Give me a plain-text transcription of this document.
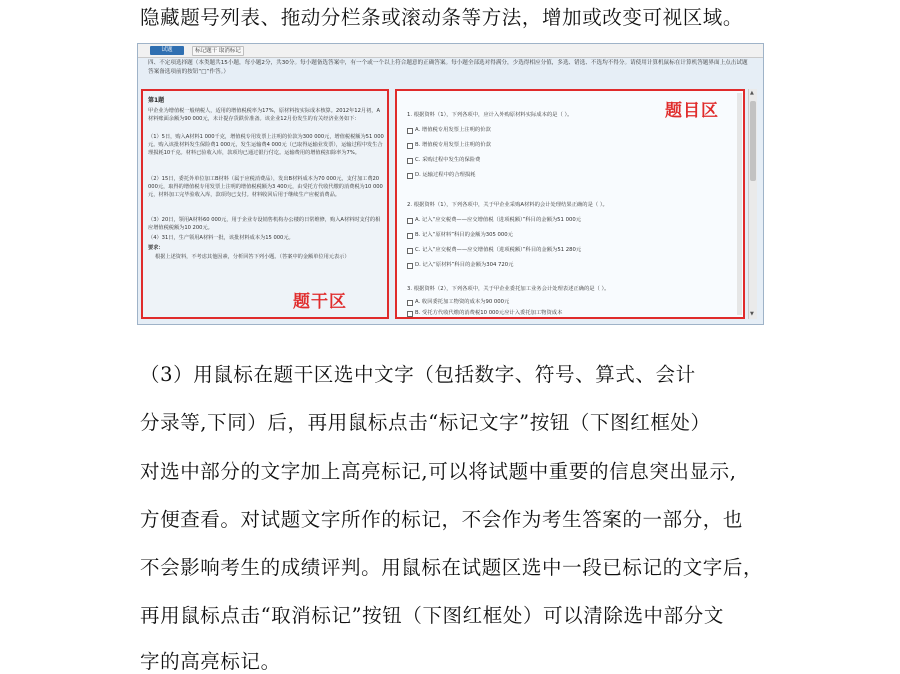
隐藏题号列表、拖动分栏条或滚动条等方法，增加或改变可视区域。
试题	标记题干 取消标记
四、不定项选择题（本类题共15小题，每小题2分，共30分。每小题备选答案中，有一个或一个以上符合题意的正确答案。每小题全部选对得满分，少选得相应分值，多选、错选、不选均不得分。请使用计算机鼠标在计算机答题界面上点击试题答案备选项前的按钮“□”作答。）
第1题
甲企业为增值税一般纳税人，适用的增值税税率为17%，原材料按实际成本核算。2012年12月初，A材料账面余额为90 000元，未计提存货跌价准备。该企业12月份发生的有关经济业务如下：
（1）5日，购入A材料1 000千克，增值税专用发票上注明的价款为300 000元，增值税税额为51 000元。购入该批材料发生保险费1 000元，发生运输费4 000元（已取得运输业发票），运输过程中发生合理损耗10千克。材料已验收入库，款项均已通过银行付讫。运输费用的增值税扣除率为7%。
（2）15日，委托外单位加工B材料（属于应税消费品），发出B材料成本为70 000元，支付加工费20 000元，取得的增值税专用发票上注明的增值税税额为3 400元，由受托方代收代缴的消费税为10 000元，材料加工完毕验收入库，款项均已支付。材料收回后用于继续生产应税消费品。
（3）20日，领用A材料60 000元，用于企业专设销售机构办公楼的日常维修，购入A材料时支付的相应增值税税额为10 200元。
（4）31日，生产领用A材料一批，该批材料成本为15 000元。
要求：
根据上述资料，不考虑其他因素，分析回答下列小题。（答案中的金额单位用元表示）
题干区
题目区
1. 根据资料（1），下列各项中，应计入外购原材料实际成本的是（ ）。
A. 增值税专用发票上注明的价款
B. 增值税专用发票上注明的价款
C. 采购过程中发生的保险费
D. 运输过程中的合理损耗
2. 根据资料（1），下列各项中，关于甲企业采购A材料的会计处理结果正确的是（ ）。
A. 记入“应交税费——应交增值税（进项税额）”科目的金额为51 000元
B. 记入“原材料”科目的金额为305 000元
C. 记入“应交税费——应交增值税（进项税额）”科目的金额为51 280元
D. 记入“原材料”科目的金额为304 720元
3. 根据资料（2），下列各项中，关于甲企业委托加工业务会计处理表述正确的是（ ）。
A. 收回委托加工物资的成本为90 000元
B. 受托方代收代缴的消费税10 000元应计入委托加工物资成本
▲
▼
（3）用鼠标在题干区选中文字（包括数字、符号、算式、会计
分录等,下同）后，再用鼠标点击“标记文字”按钮（下图红框处）
对选中部分的文字加上高亮标记,可以将试题中重要的信息突出显示,
方便查看。对试题文字所作的标记，不会作为考生答案的一部分，也
不会影响考生的成绩评判。用鼠标在试题区选中一段已标记的文字后，
再用鼠标点击“取消标记”按钮（下图红框处）可以清除选中部分文
字的高亮标记。
